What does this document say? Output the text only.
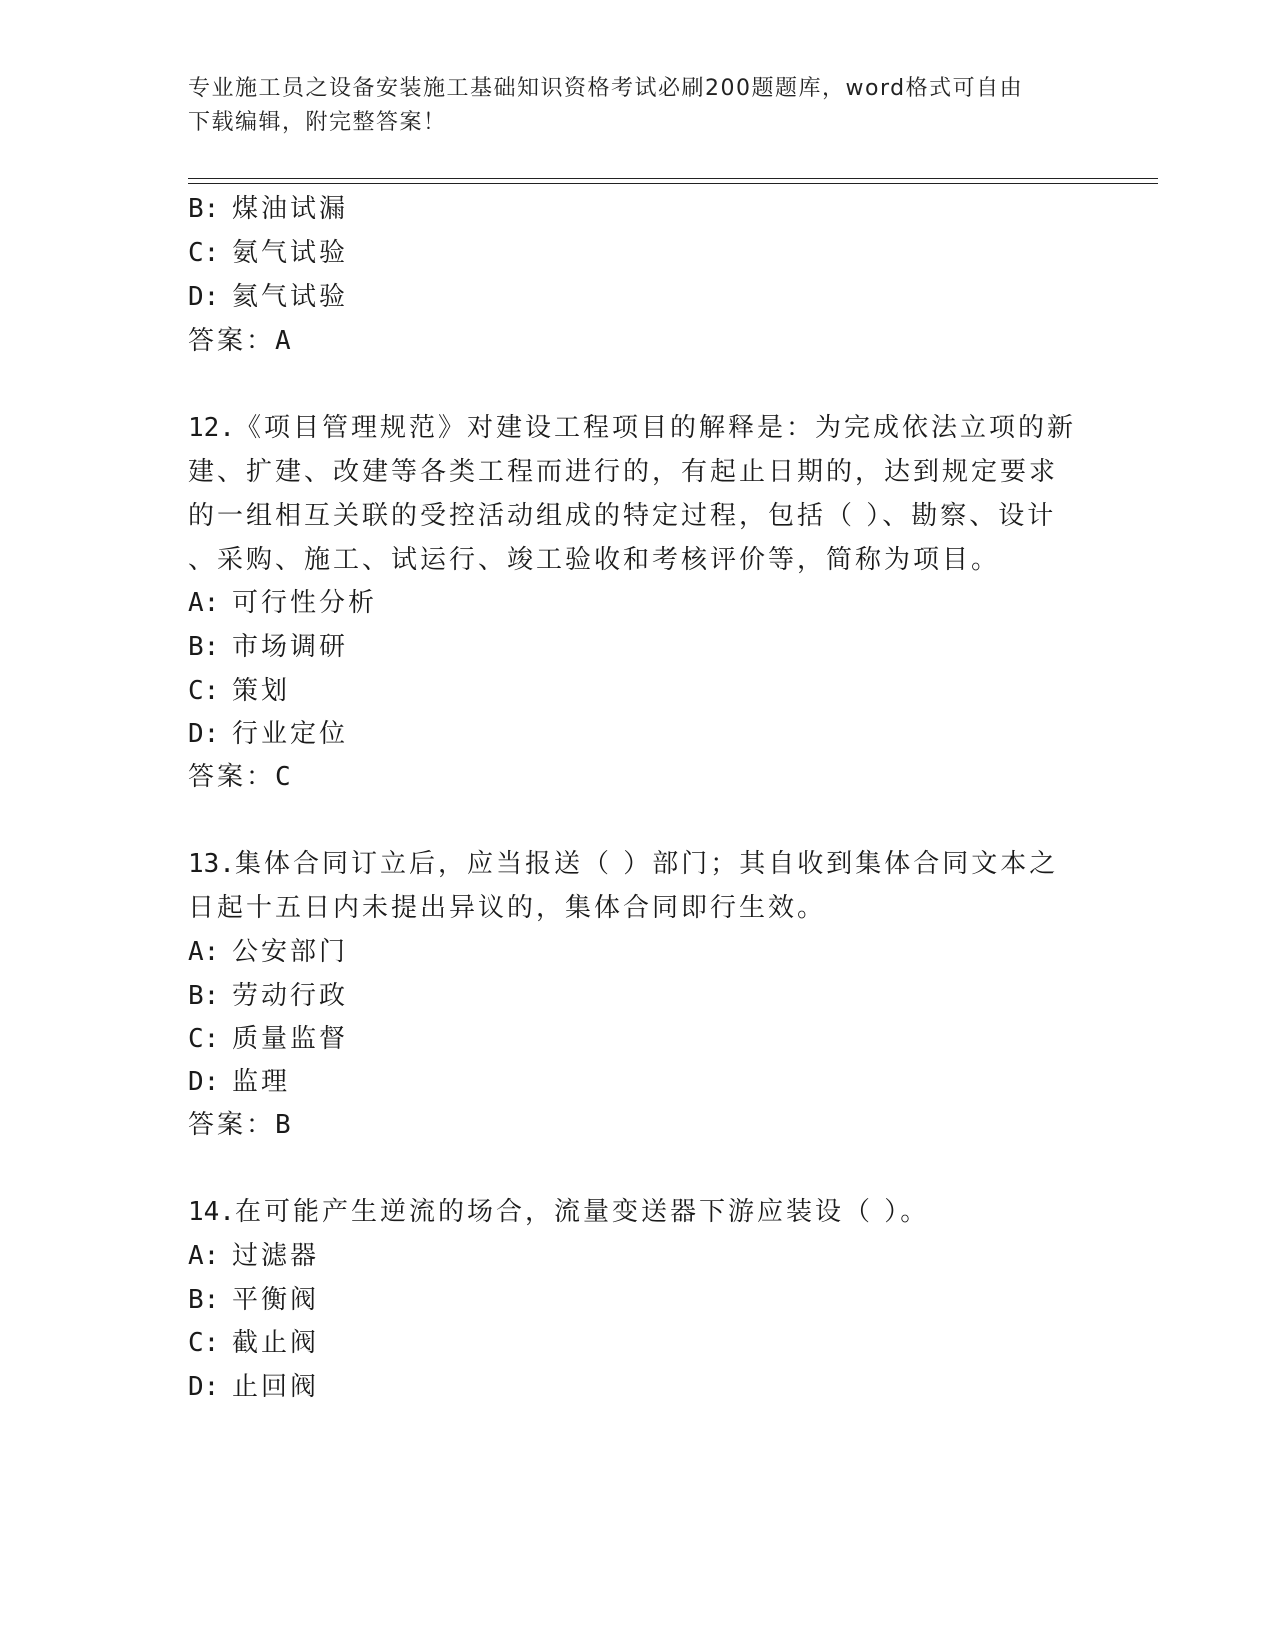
专业施工员之设备安装施工基础知识资格考试必刷200题题库，word格式可自由
下载编辑，附完整答案！
B: 煤油试漏
C: 氨气试验
D: 氦气试验
答案：A
12.《项目管理规范》对建设工程项目的解释是：为完成依法立项的新
建、扩建、改建等各类工程而进行的，有起止日期的，达到规定要求
的一组相互关联的受控活动组成的特定过程，包括（ ）、勘察、设计
、采购、施工、试运行、竣工验收和考核评价等，简称为项目。
A: 可行性分析
B: 市场调研
C: 策划
D: 行业定位
答案：C
13.集体合同订立后，应当报送（ ）部门；其自收到集体合同文本之
日起十五日内未提出异议的，集体合同即行生效。
A: 公安部门
B: 劳动行政
C: 质量监督
D: 监理
答案：B
14.在可能产生逆流的场合，流量变送器下游应装设（ ）。
A: 过滤器
B: 平衡阀
C: 截止阀
D: 止回阀
